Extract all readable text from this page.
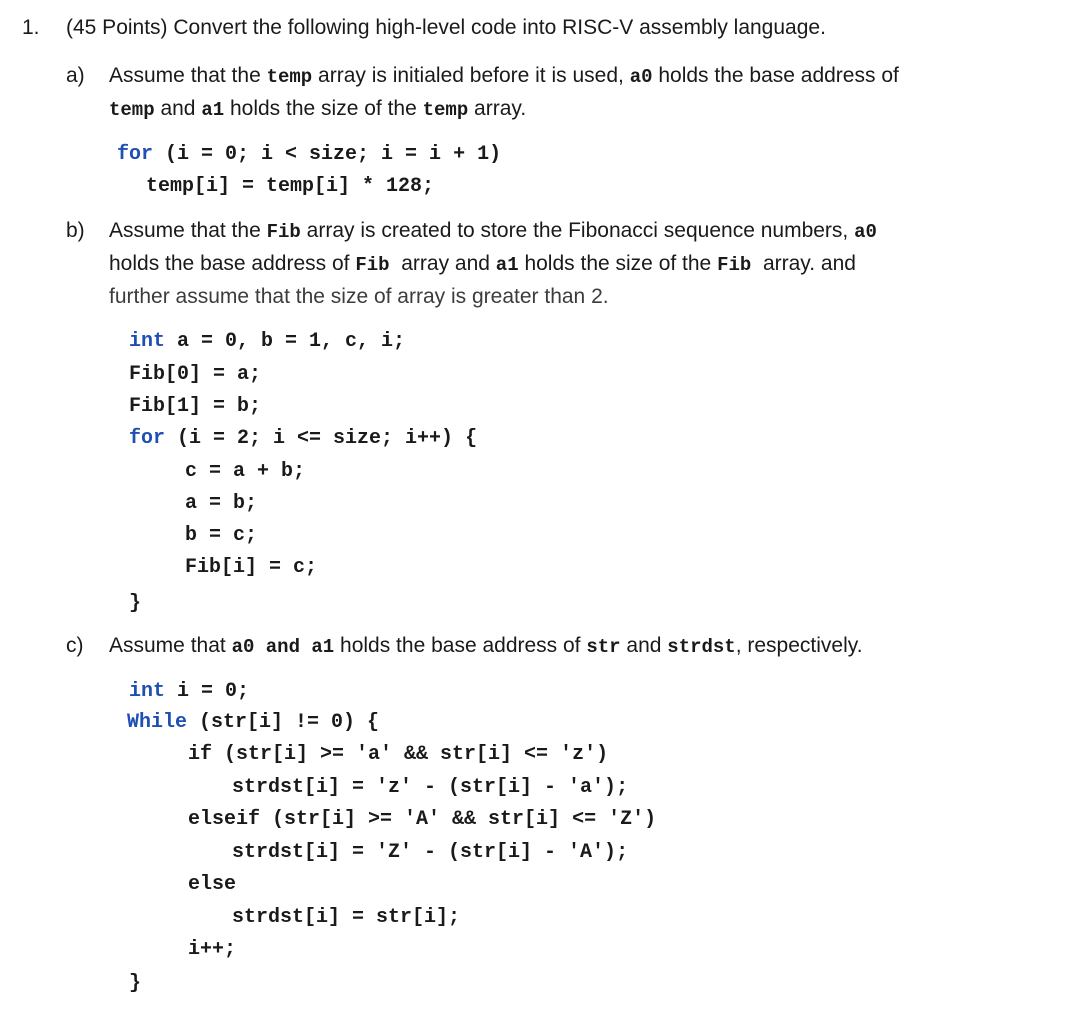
1. (45 Points) Convert the following high-level code into RISC-V assembly language.
a) Assume that the temp array is initialed before it is used, a0 holds the base address of
temp and a1 holds the size of the temp array.
for (i = 0; i < size; i = i + 1)
temp[i] = temp[i] * 128;
b) Assume that the Fib array is created to store the Fibonacci sequence numbers, a0
holds the base address of Fib  array and a1 holds the size of the Fib  array. and
further assume that the size of array is greater than 2.
int a = 0, b = 1, c, i;
Fib[0] = a;
Fib[1] = b;
for (i = 2; i <= size; i++) {
c = a + b;
a = b;
b = c;
Fib[i] = c;
}
c) Assume that a0 and a1 holds the base address of str and strdst, respectively.
int i = 0;
While (str[i] != 0) {
if (str[i] >= 'a' && str[i] <= 'z')
strdst[i] = 'z' - (str[i] - 'a');
elseif (str[i] >= 'A' && str[i] <= 'Z')
strdst[i] = 'Z' - (str[i] - 'A');
else
strdst[i] = str[i];
i++;
}
